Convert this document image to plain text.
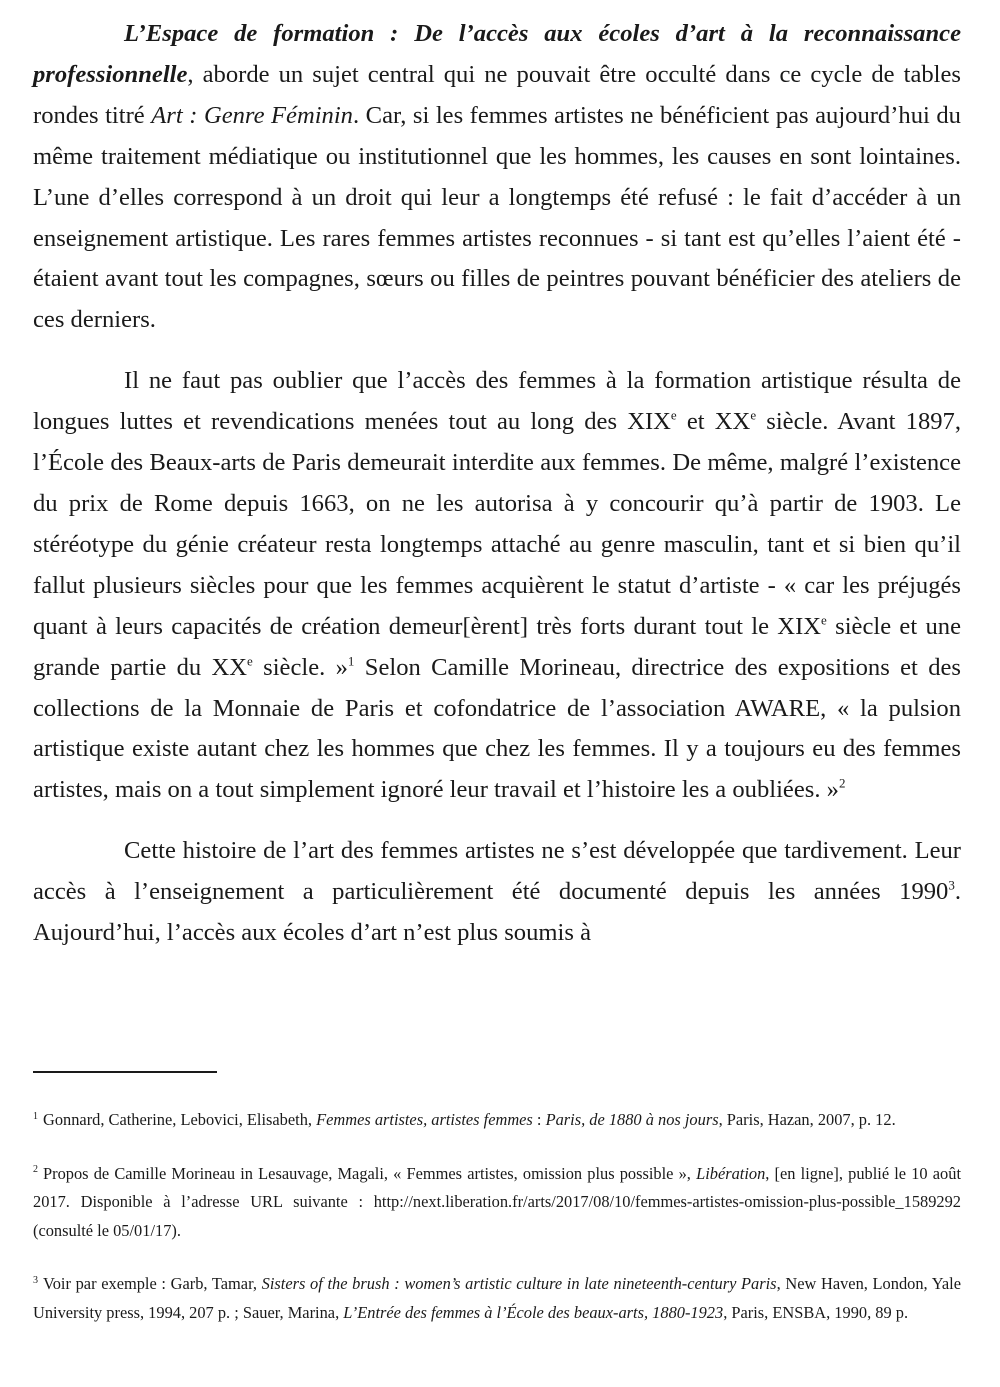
L’Espace de formation : De l’accès aux écoles d’art à la reconnaissance professionnelle, aborde un sujet central qui ne pouvait être occulté dans ce cycle de tables rondes titré Art : Genre Féminin. Car, si les femmes artistes ne bénéficient pas aujourd’hui du même traitement médiatique ou institutionnel que les hommes, les causes en sont lointaines. L’une d’elles correspond à un droit qui leur a longtemps été refusé : le fait d’accéder à un enseignement artistique. Les rares femmes artistes reconnues - si tant est qu’elles l’aient été - étaient avant tout les compagnes, sœurs ou filles de peintres pouvant bénéficier des ateliers de ces derniers.

Il ne faut pas oublier que l’accès des femmes à la formation artistique résulta de longues luttes et revendications menées tout au long des XIXe et XXe siècle. Avant 1897, l’École des Beaux-arts de Paris demeurait interdite aux femmes. De même, malgré l’existence du prix de Rome depuis 1663, on ne les autorisa à y concourir qu’à partir de 1903. Le stéréotype du génie créateur resta longtemps attaché au genre masculin, tant et si bien qu’il fallut plusieurs siècles pour que les femmes acquièrent le statut d’artiste - « car les préjugés quant à leurs capacités de création demeur[èrent] très forts durant tout le XIXe siècle et une grande partie du XXe siècle. »$^1$ Selon Camille Morineau, directrice des expositions et des collections de la Monnaie de Paris et cofondatrice de l’association AWARE, « la pulsion artistique existe autant chez les hommes que chez les femmes. Il y a toujours eu des femmes artistes, mais on a tout simplement ignoré leur travail et l’histoire les a oubliées. »$^2$

Cette histoire de l’art des femmes artistes ne s’est développée que tardivement. Leur accès à l’enseignement a particulièrement été documenté depuis les années 1990$^3$. Aujourd’hui, l’accès aux écoles d’art n’est plus soumis à

$^1$ Gonnard, Catherine, Lebovici, Elisabeth, Femmes artistes, artistes femmes : Paris, de 1880 à nos jours, Paris, Hazan, 2007, p. 12.

$^2$ Propos de Camille Morineau in Lesauvage, Magali, « Femmes artistes, omission plus possible », Libération, [en ligne], publié le 10 août 2017. Disponible à l’adresse URL suivante : http://next.liberation.fr/arts/2017/08/10/femmes-artistes-omission-plus-possible_1589292 (consulté le 05/01/17).

$^3$ Voir par exemple : Garb, Tamar, Sisters of the brush : women’s artistic culture in late nineteenth-century Paris, New Haven, London, Yale University press, 1994, 207 p. ; Sauer, Marina, L’Entrée des femmes à l’École des beaux-arts, 1880-1923, Paris, ENSBA, 1990, 89 p.
